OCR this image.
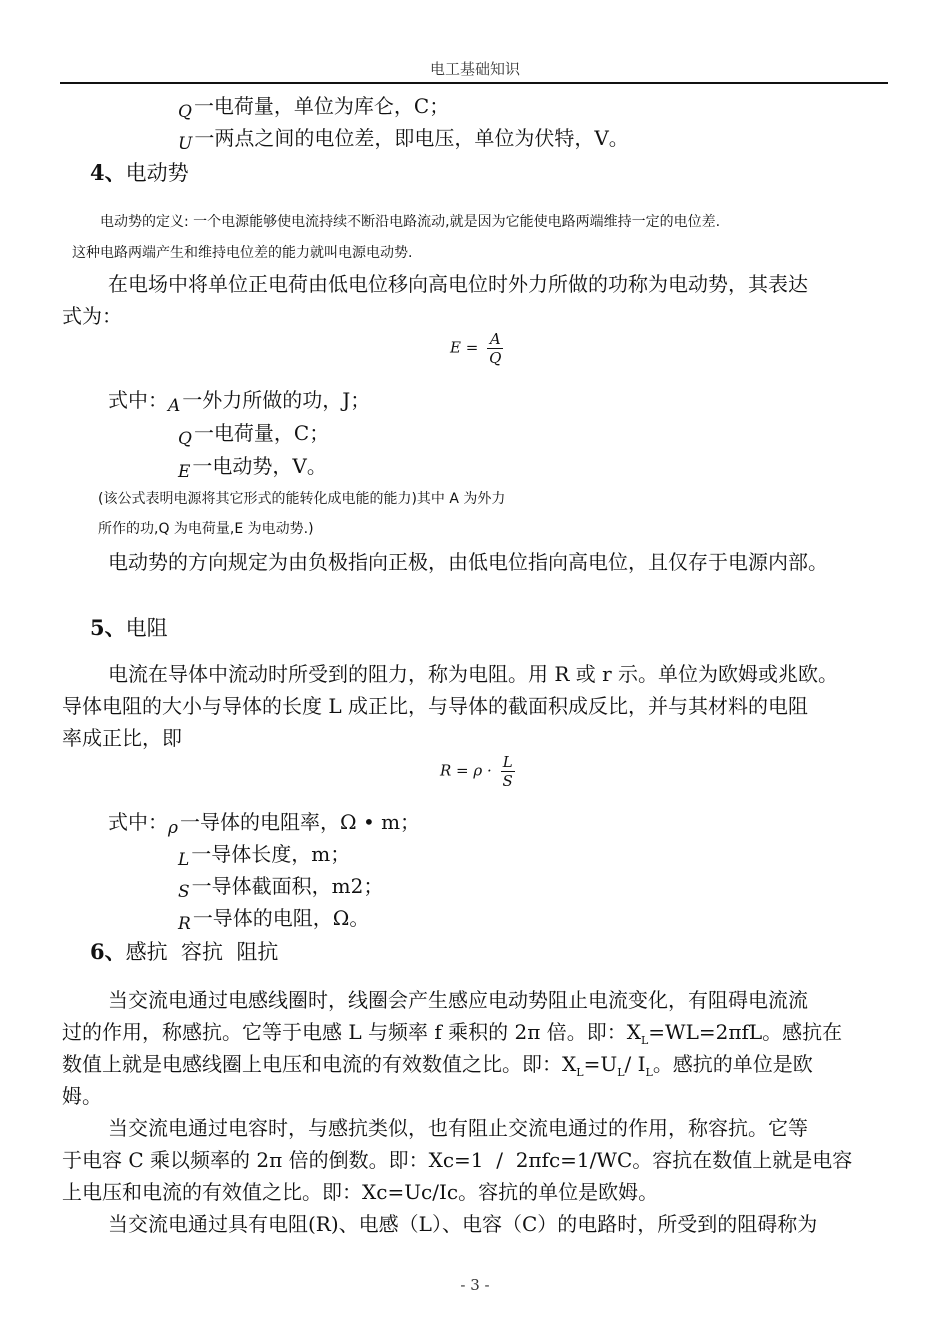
电工基础知识
Q 一电荷量，单位为库仑，C；
U 一两点之间的电位差，即电压，单位为伏特，V。
4、电动势
电动势的定义: 一个电源能够使电流持续不断沿电路流动,就是因为它能使电路两端维持一定的电位差.
这种电路两端产生和维持电位差的能力就叫电源电动势.
在电场中将单位正电荷由低电位移向高电位时外力所做的功称为电动势，其表达
式为：
$E = \frac{A}{Q}$
式中：A 一外力所做的功，J；
Q 一电荷量，C；
E 一电动势，V。
(该公式表明电源将其它形式的能转化成电能的能力)其中 A 为外力
所作的功,Q 为电荷量,E 为电动势.)
电动势的方向规定为由负极指向正极，由低电位指向高电位，且仅存于电源内部。
5、电阻
电流在导体中流动时所受到的阻力，称为电阻。用 R 或 r 示。单位为欧姆或兆欧。
导体电阻的大小与导体的长度 L 成正比，与导体的截面积成反比，并与其材料的电阻
率成正比，即
$R = \rho \cdot \frac{L}{S}$
式中：ρ 一导体的电阻率，Ω • m；
L 一导体长度，m；
S 一导体截面积，m2；
R 一导体的电阻，Ω。
6、感抗  容抗  阻抗
当交流电通过电感线圈时，线圈会产生感应电动势阻止电流变化，有阻碍电流流
过的作用，称感抗。它等于电感 L 与频率 f 乘积的 2π 倍。即：$X_L=WL=2\pi fL$。感抗在
数值上就是电感线圈上电压和电流的有效数值之比。即：$X_L=U_L/$ $I_L$。感抗的单位是欧
姆。
当交流电通过电容时，与感抗类似，也有阻止交流电通过的作用，称容抗。它等
于电容 C 乘以频率的 2π 倍的倒数。即：Xc=1  /  2πfc=1/WC。容抗在数值上就是电容
上电压和电流的有效值之比。即：Xc=Uc/Ic。容抗的单位是欧姆。
当交流电通过具有电阻(R)、电感（L）、电容（C）的电路时，所受到的阻碍称为
- 3 -
